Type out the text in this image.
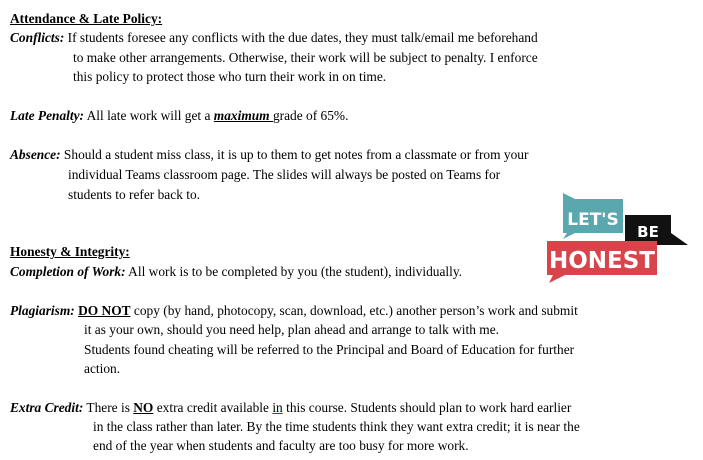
Attendance & Late Policy:
Conflicts: If students foresee any conflicts with the due dates, they must talk/email me beforehand
to make other arrangements. Otherwise, their work will be subject to penalty. I enforce
this policy to protect those who turn their work in on time.
Late Penalty: All late work will get a maximum grade of 65%.
Absence: Should a student miss class, it is up to them to get notes from a classmate or from your
individual Teams classroom page. The slides will always be posted on Teams for
students to refer back to.
Honesty & Integrity:
Completion of Work: All work is to be completed by you (the student), individually.
Plagiarism: DO NOT copy (by hand, photocopy, scan, download, etc.) another person’s work and submit
it as your own, should you need help, plan ahead and arrange to talk with me.
Students found cheating will be referred to the Principal and Board of Education for further
action.
Extra Credit: There is NO extra credit available in this course. Students should plan to work hard earlier
in the class rather than later. By the time students think they want extra credit; it is near the
end of the year when students and faculty are too busy for more work.
LET'S
BE
HONEST
